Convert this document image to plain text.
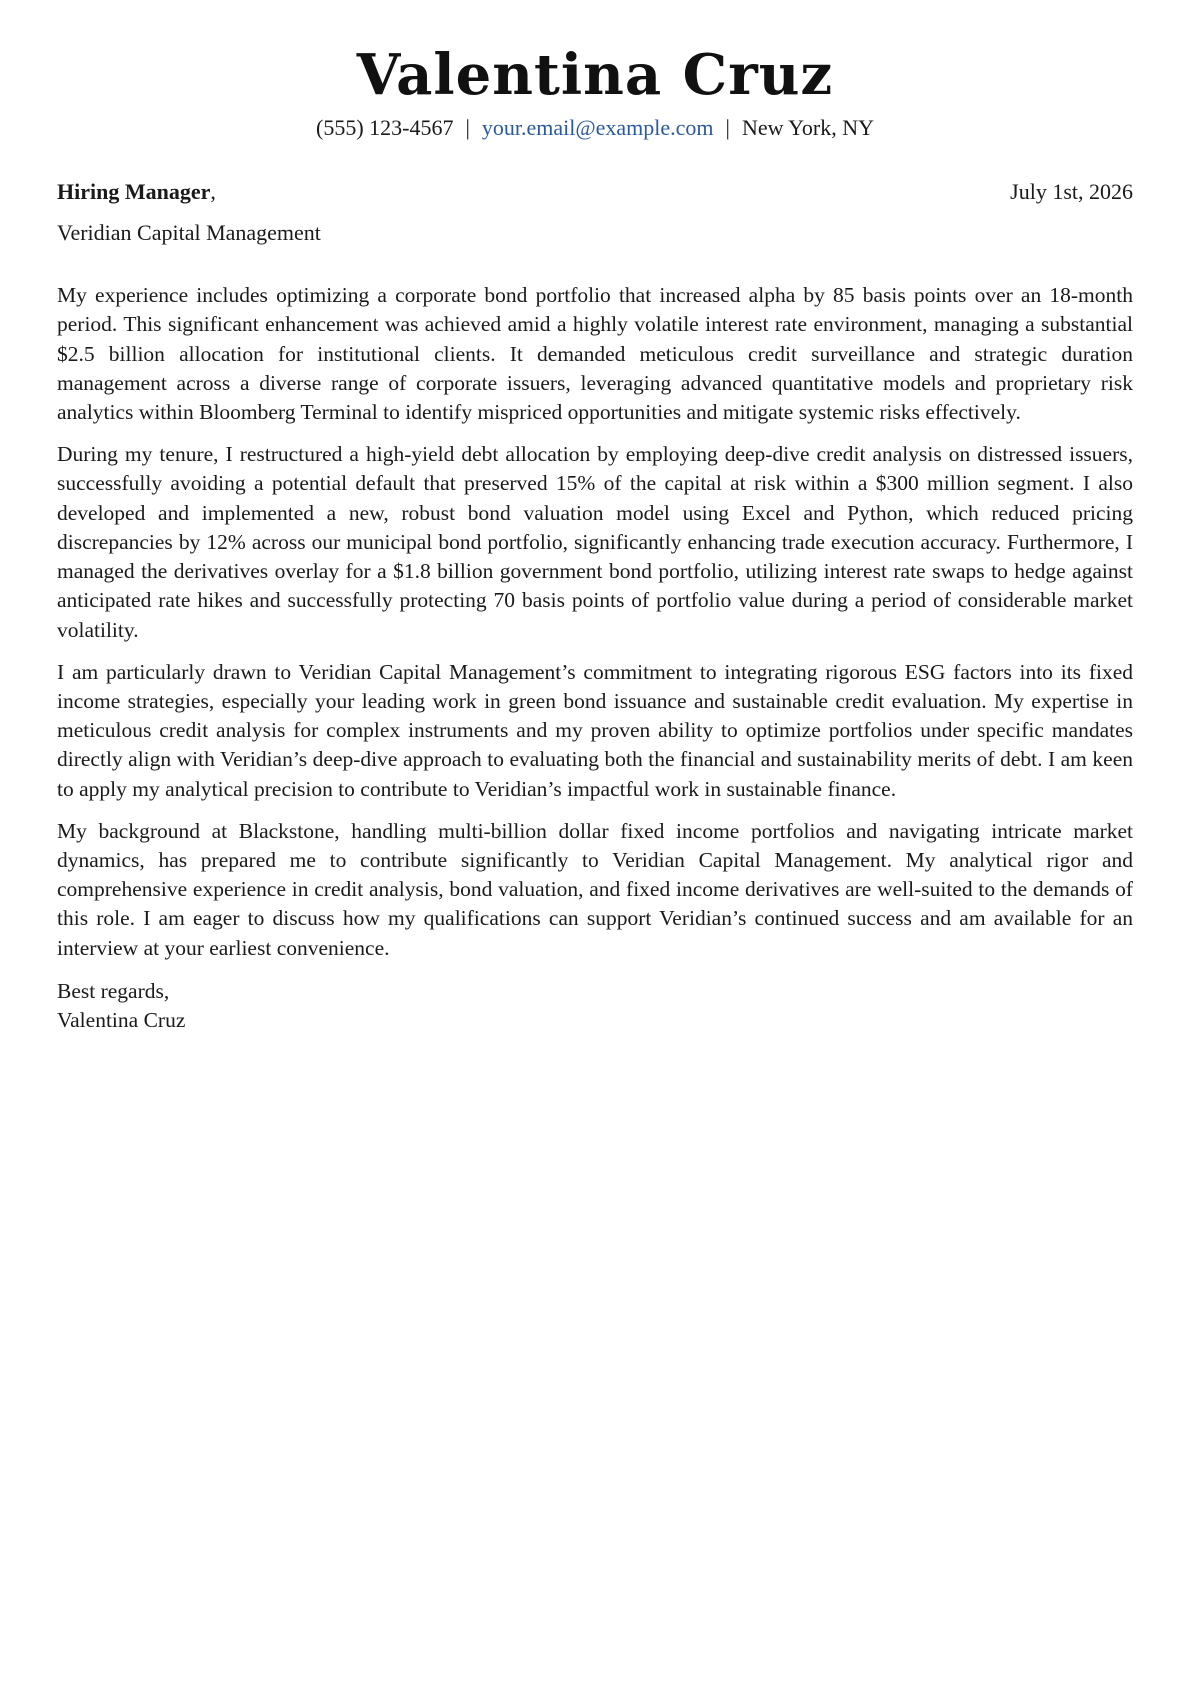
Valentina Cruz
(555) 123-4567 | your.email@example.com | New York, NY
Hiring Manager,	July 1st, 2026
Veridian Capital Management

My experience includes optimizing a corporate bond portfolio that increased alpha by 85 basis points over an 18-month period. This significant enhancement was achieved amid a highly volatile interest rate environment, managing a substantial $2.5 billion allocation for institutional clients. It demanded meticulous credit surveillance and strategic duration management across a diverse range of corporate issuers, leveraging advanced quantitative models and proprietary risk analytics within Bloomberg Terminal to identify mispriced opportunities and mitigate systemic risks effectively.

During my tenure, I restructured a high-yield debt allocation by employing deep-dive credit analysis on distressed issuers, successfully avoiding a potential default that preserved 15% of the capital at risk within a $300 million segment. I also developed and implemented a new, robust bond valuation model using Excel and Python, which reduced pricing discrepancies by 12% across our municipal bond portfolio, significantly enhancing trade execution accuracy. Furthermore, I managed the derivatives overlay for a $1.8 billion government bond portfolio, utilizing interest rate swaps to hedge against anticipated rate hikes and successfully protecting 70 basis points of portfolio value during a period of considerable market volatility.

I am particularly drawn to Veridian Capital Management’s commitment to integrating rigorous ESG factors into its fixed income strategies, especially your leading work in green bond issuance and sustainable credit evaluation. My expertise in meticulous credit analysis for complex instruments and my proven ability to optimize portfolios under specific mandates directly align with Veridian’s deep-dive approach to evaluating both the financial and sustainability merits of debt. I am keen to apply my analytical precision to contribute to Veridian’s impactful work in sustainable finance.

My background at Blackstone, handling multi-billion dollar fixed income portfolios and navigating intricate market dynamics, has prepared me to contribute significantly to Veridian Capital Management. My analytical rigor and comprehensive experience in credit analysis, bond valuation, and fixed income derivatives are well-suited to the demands of this role. I am eager to discuss how my qualifications can support Veridian’s continued success and am available for an interview at your earliest convenience.

Best regards,
Valentina Cruz
